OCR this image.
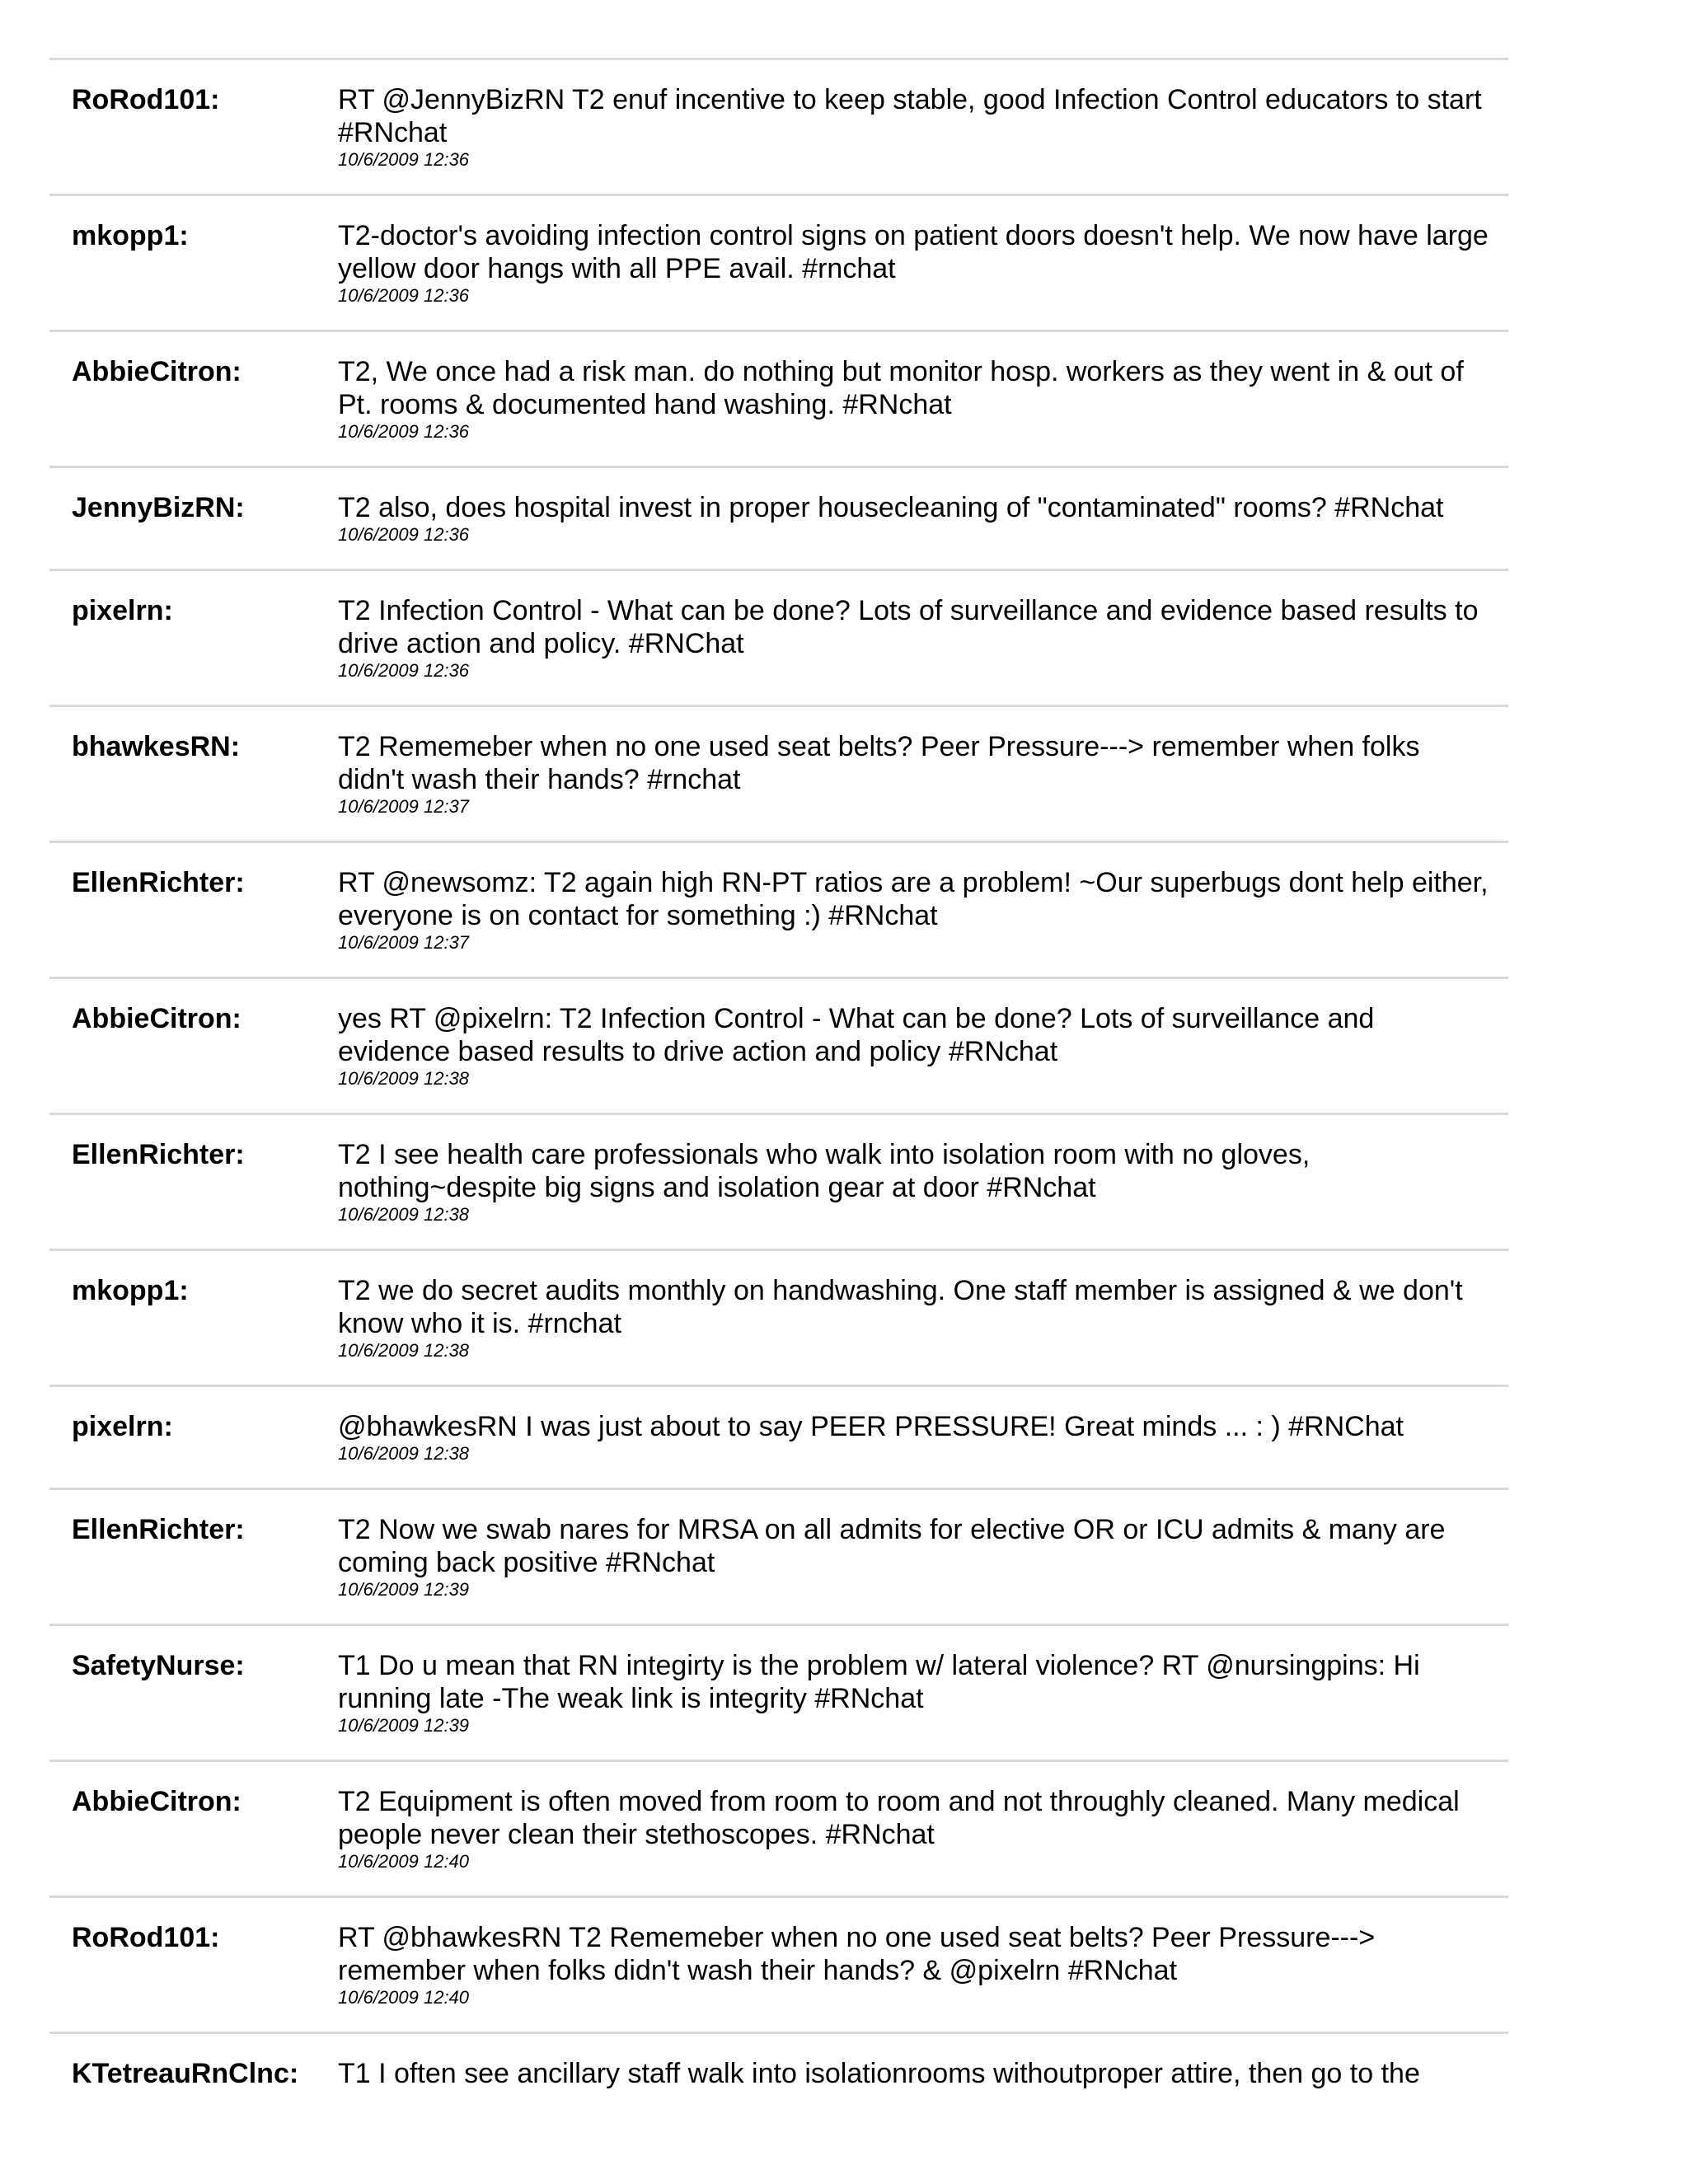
RoRod101:	RT @JennyBizRN T2 enuf incentive to keep stable, good Infection Control educators to start #RNchat
10/6/2009 12:36
mkopp1:	T2-doctor's avoiding infection control signs on patient doors doesn't help. We now have large yellow door hangs with all PPE avail. #rnchat
10/6/2009 12:36
AbbieCitron:	T2, We once had a risk man. do nothing but monitor hosp. workers as they went in & out of Pt. rooms & documented hand washing. #RNchat
10/6/2009 12:36
JennyBizRN:	T2 also, does hospital invest in proper housecleaning of "contaminated" rooms? #RNchat
10/6/2009 12:36
pixelrn:	T2 Infection Control - What can be done? Lots of surveillance and evidence based results to drive action and policy. #RNChat
10/6/2009 12:36
bhawkesRN:	T2 Rememeber when no one used seat belts? Peer Pressure---> remember when folks didn't wash their hands? #rnchat
10/6/2009 12:37
EllenRichter:	RT @newsomz: T2 again high RN-PT ratios are a problem! ~Our superbugs dont help either, everyone is on contact for something :) #RNchat
10/6/2009 12:37
AbbieCitron:	yes RT @pixelrn: T2 Infection Control - What can be done? Lots of surveillance and evidence based results to drive action and policy #RNchat
10/6/2009 12:38
EllenRichter:	T2 I see health care professionals who walk into isolation room with no gloves, nothing~despite big signs and isolation gear at door #RNchat
10/6/2009 12:38
mkopp1:	T2 we do secret audits monthly on handwashing. One staff member is assigned & we don't know who it is. #rnchat
10/6/2009 12:38
pixelrn:	@bhawkesRN I was just about to say PEER PRESSURE! Great minds ... : ) #RNChat
10/6/2009 12:38
EllenRichter:	T2 Now we swab nares for MRSA on all admits for elective OR or ICU admits & many are coming back positive #RNchat
10/6/2009 12:39
SafetyNurse:	T1 Do u mean that RN integirty is the problem w/ lateral violence? RT @nursingpins: Hi running late -The weak link is integrity #RNchat
10/6/2009 12:39
AbbieCitron:	T2 Equipment is often moved from room to room and not throughly cleaned. Many medical people never clean their stethoscopes. #RNchat
10/6/2009 12:40
RoRod101:	RT @bhawkesRN T2 Rememeber when no one used seat belts? Peer Pressure---> remember when folks didn't wash their hands? & @pixelrn #RNchat
10/6/2009 12:40
KTetreauRnClnc:	T1 I often see ancillary staff walk into isolationrooms withoutproper attire, then go to the
